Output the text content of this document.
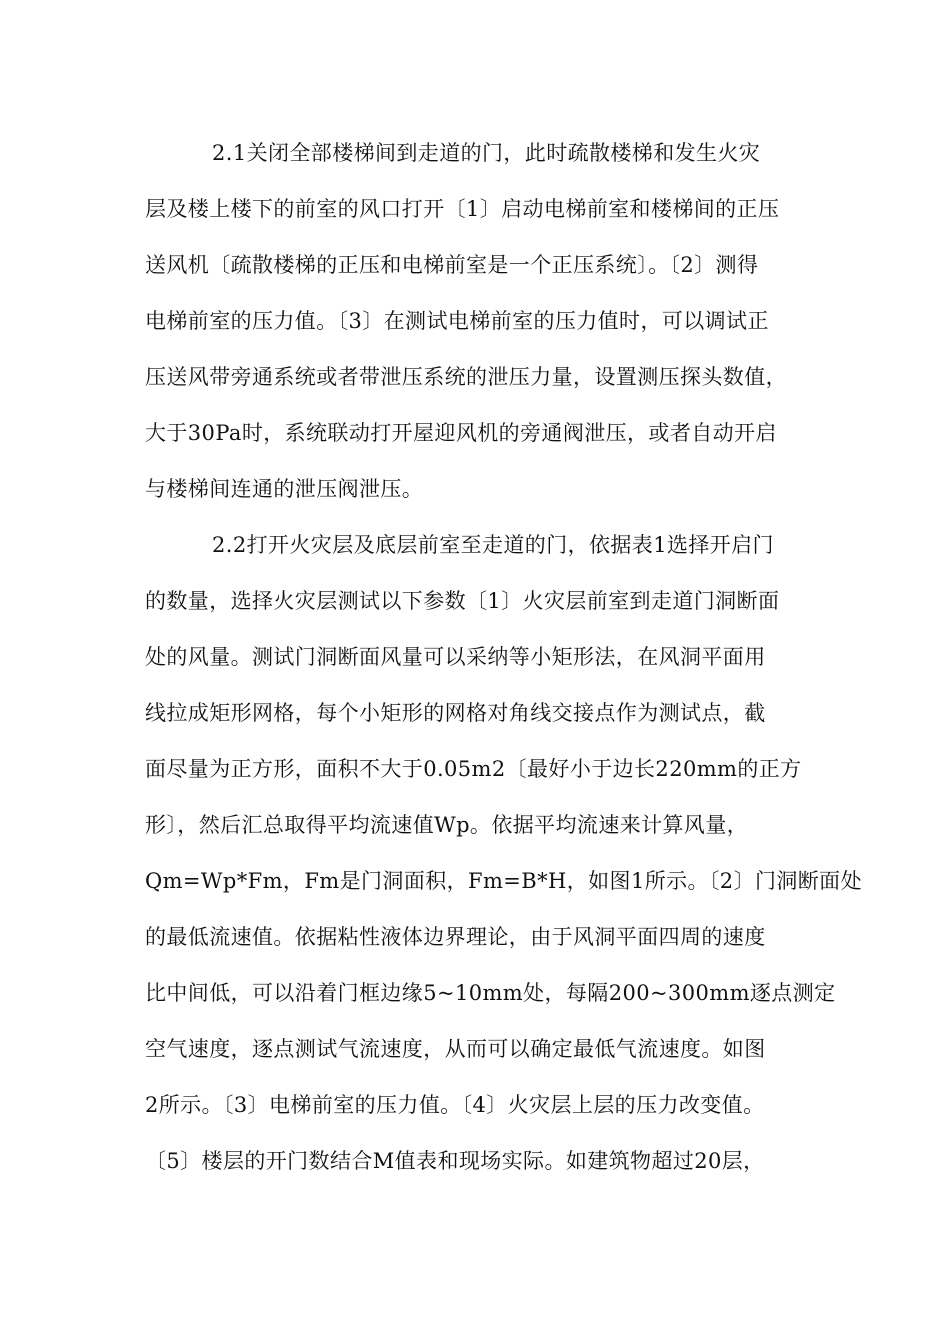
2.1关闭全部楼梯间到走道的门，此时疏散楼梯和发生火灾
层及楼上楼下的前室的风口打开〔1〕启动电梯前室和楼梯间的正压
送风机〔疏散楼梯的正压和电梯前室是一个正压系统〕。〔2〕测得
电梯前室的压力值。〔3〕在测试电梯前室的压力值时，可以调试正
压送风带旁通系统或者带泄压系统的泄压力量，设置测压探头数值，
大于30Pa时，系统联动打开屋迎风机的旁通阀泄压，或者自动开启
与楼梯间连通的泄压阀泄压。
2.2打开火灾层及底层前室至走道的门，依据表1选择开启门
的数量，选择火灾层测试以下参数〔1〕火灾层前室到走道门洞断面
处的风量。测试门洞断面风量可以采纳等小矩形法，在风洞平面用
线拉成矩形网格，每个小矩形的网格对角线交接点作为测试点，截
面尽量为正方形，面积不大于0.05m2〔最好小于边长220mm的正方
形〕，然后汇总取得平均流速值Wp。依据平均流速来计算风量，
Qm=Wp*Fm，Fm是门洞面积，Fm=B*H，如图1所示。〔2〕门洞断面处
的最低流速值。依据粘性液体边界理论，由于风洞平面四周的速度
比中间低，可以沿着门框边缘5~10mm处，每隔200~300mm逐点测定
空气速度，逐点测试气流速度，从而可以确定最低气流速度。如图
2所示。〔3〕电梯前室的压力值。〔4〕火灾层上层的压力改变值。
〔5〕楼层的开门数结合M值表和现场实际。如建筑物超过20层，
